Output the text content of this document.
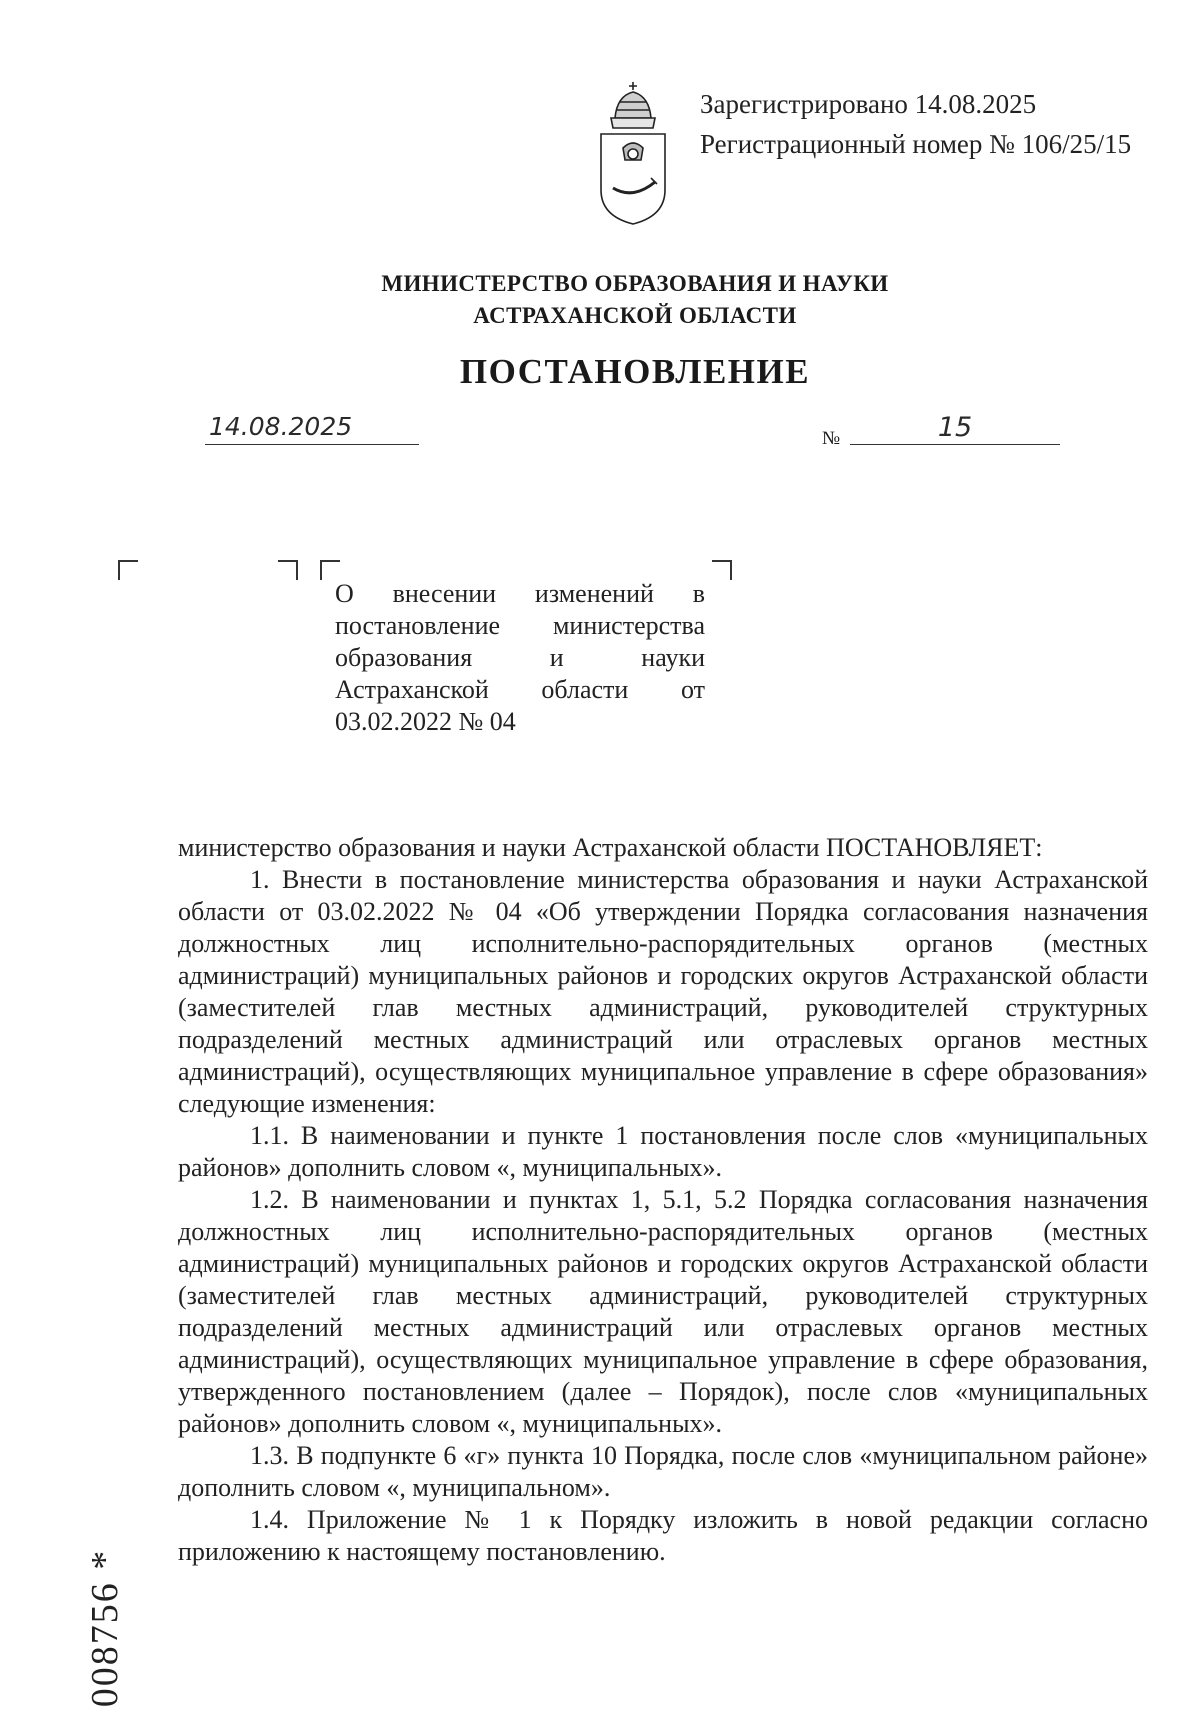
Зарегистрировано 14.08.2025
Регистрационный номер № 106/25/15
МИНИСТЕРСТВО ОБРАЗОВАНИЯ И НАУКИ
АСТРАХАНСКОЙ ОБЛАСТИ
ПОСТАНОВЛЕНИЕ
14.08.2025	№	15
О внесении изменений в постановление министерства образования и науки Астраханской области от 03.02.2022 № 04

министерство образования и науки Астраханской области ПОСТАНОВЛЯЕТ:

1. Внести в постановление министерства образования и науки Астраханской области от 03.02.2022 № 04 «Об утверждении Порядка согласования назначения должностных лиц исполнительно-распорядительных органов (местных администраций) муниципальных районов и городских округов Астраханской области (заместителей глав местных администраций, руководителей структурных подразделений местных администраций или отраслевых органов местных администраций), осуществляющих муниципальное управление в сфере образования» следующие изменения:

1.1. В наименовании и пункте 1 постановления после слов «муниципальных районов» дополнить словом «, муниципальных».

1.2. В наименовании и пунктах 1, 5.1, 5.2 Порядка согласования назначения должностных лиц исполнительно-распорядительных органов (местных администраций) муниципальных районов и городских округов Астраханской области (заместителей глав местных администраций, руководителей структурных подразделений местных администраций или отраслевых органов местных администраций), осуществляющих муниципальное управление в сфере образования, утвержденного постановлением (далее – Порядок), после слов «муниципальных районов» дополнить словом «, муниципальных».

1.3. В подпункте 6 «г» пункта 10 Порядка, после слов «муниципальном районе» дополнить словом «, муниципальном».

1.4. Приложение № 1 к Порядку изложить в новой редакции согласно приложению к настоящему постановлению.

008756 *
